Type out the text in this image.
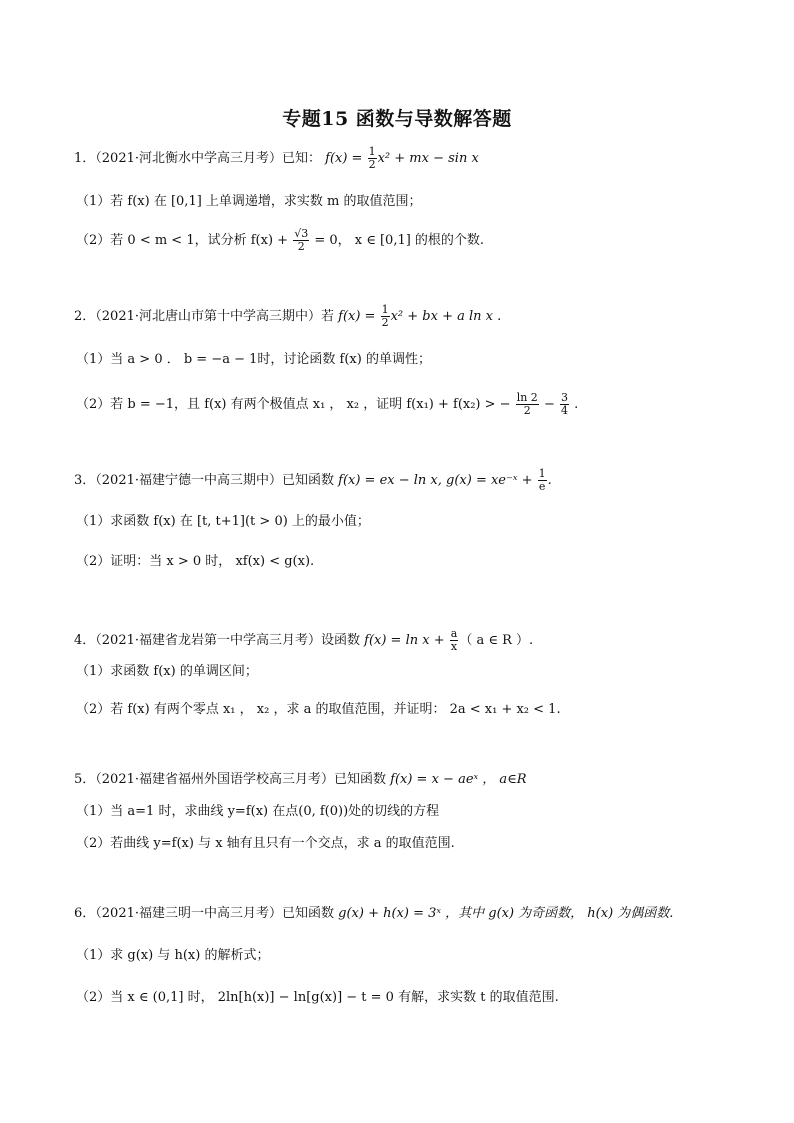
专题15 函数与导数解答题
1．（2021·河北衡水中学高三月考）已知： $f(x) = \frac{1}{2} x^2$ + mx − sin x
（1）若 f(x) 在 [0,1] 上单调递增，求实数 m 的取值范围；
（2）若 0 < m < 1，试分析 $f(x) + \frac{√3}{2} = 0$， x ∈ [0,1] 的根的个数.
2．（2021·河北唐山市第十中学高三期中）若 $f(x) = \frac{1}{2} x^2$ + bx + a ln x .
（1）当 a > 0 ． b = −a − 1时，讨论函数 f(x) 的单调性；
（2）若 b = −1，且 f(x) 有两个极值点 x₁ ， x₂ ，证明 f(x₁) + f(x₂) > − $\frac{\ln 2}{2} - \frac{3}{4}$ .
3．（2021·福建宁德一中高三期中）已知函数 f(x) = ex − ln x, g(x) = xe⁻ˣ + $\frac{1}{e}$ .
（1）求函数 f(x) 在 [t, t+1](t > 0) 上的最小值；
（2）证明：当 x > 0 时， xf(x) < g(x).
4．（2021·福建省龙岩第一中学高三月考）设函数 $f(x) = \ln x + \frac{a}{x}$ （ a ∈ R ）.
（1）求函数 f(x) 的单调区间；
（2）若 f(x) 有两个零点 x₁ ， x₂ ，求 a 的取值范围，并证明： 2a < x₁ + x₂ < 1.
5．（2021·福建省福州外国语学校高三月考）已知函数 f(x) = x − aeˣ ， a∈R
（1）当 a=1 时，求曲线 y=f(x) 在点(0, f(0))处的切线的方程
（2）若曲线 y=f(x) 与 x 轴有且只有一个交点，求 a 的取值范围.
6．（2021·福建三明一中高三月考）已知函数 g(x) + h(x) = 3ˣ ，其中 g(x) 为奇函数， h(x) 为偶函数.
（1）求 g(x) 与 h(x) 的解析式；
（2）当 x ∈ (0,1] 时， 2ln[h(x)] − ln[g(x)] − t = 0 有解，求实数 t 的取值范围.
